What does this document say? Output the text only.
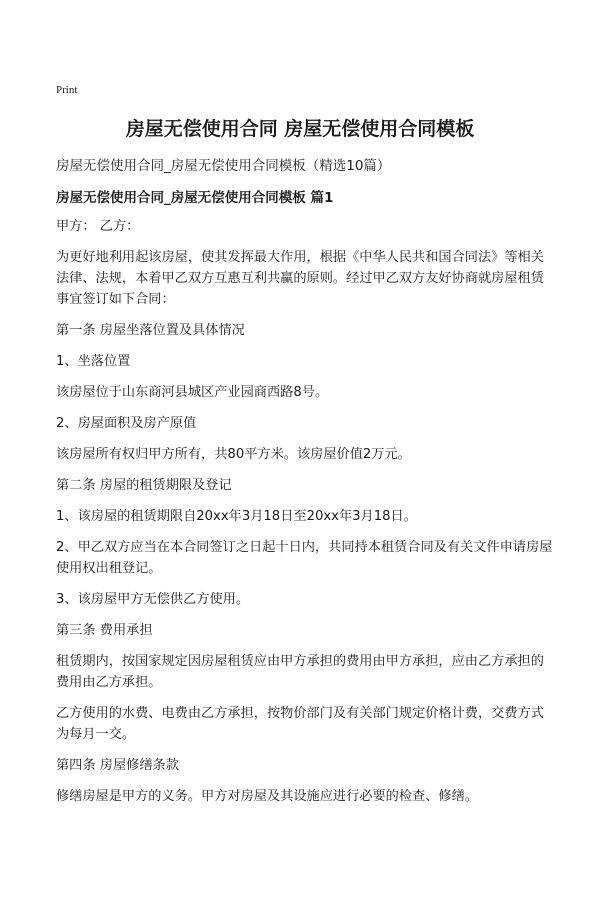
Print
房屋无偿使用合同 房屋无偿使用合同模板

房屋无偿使用合同_房屋无偿使用合同模板（精选10篇）

房屋无偿使用合同_房屋无偿使用合同模板 篇1

甲方： 乙方：

为更好地利用起该房屋，使其发挥最大作用，根据《中华人民共和国合同法》等相关法律、法规，本着甲乙双方互惠互利共赢的原则。经过甲乙双方友好协商就房屋租赁事宜签订如下合同：

第一条 房屋坐落位置及具体情况

1、坐落位置

该房屋位于山东商河县城区产业园商西路8号。

2、房屋面积及房产原值

该房屋所有权归甲方所有，共80平方米。该房屋价值2万元。

第二条 房屋的租赁期限及登记

1、该房屋的租赁期限自20xx年3月18日至20xx年3月18日。

2、甲乙双方应当在本合同签订之日起十日内，共同持本租赁合同及有关文件申请房屋使用权出租登记。

3、该房屋甲方无偿供乙方使用。

第三条 费用承担

租赁期内，按国家规定因房屋租赁应由甲方承担的费用由甲方承担，应由乙方承担的费用由乙方承担。

乙方使用的水费、电费由乙方承担，按物价部门及有关部门规定价格计费，交费方式为每月一交。

第四条 房屋修缮条款

修缮房屋是甲方的义务。甲方对房屋及其设施应进行必要的检查、修缮。
